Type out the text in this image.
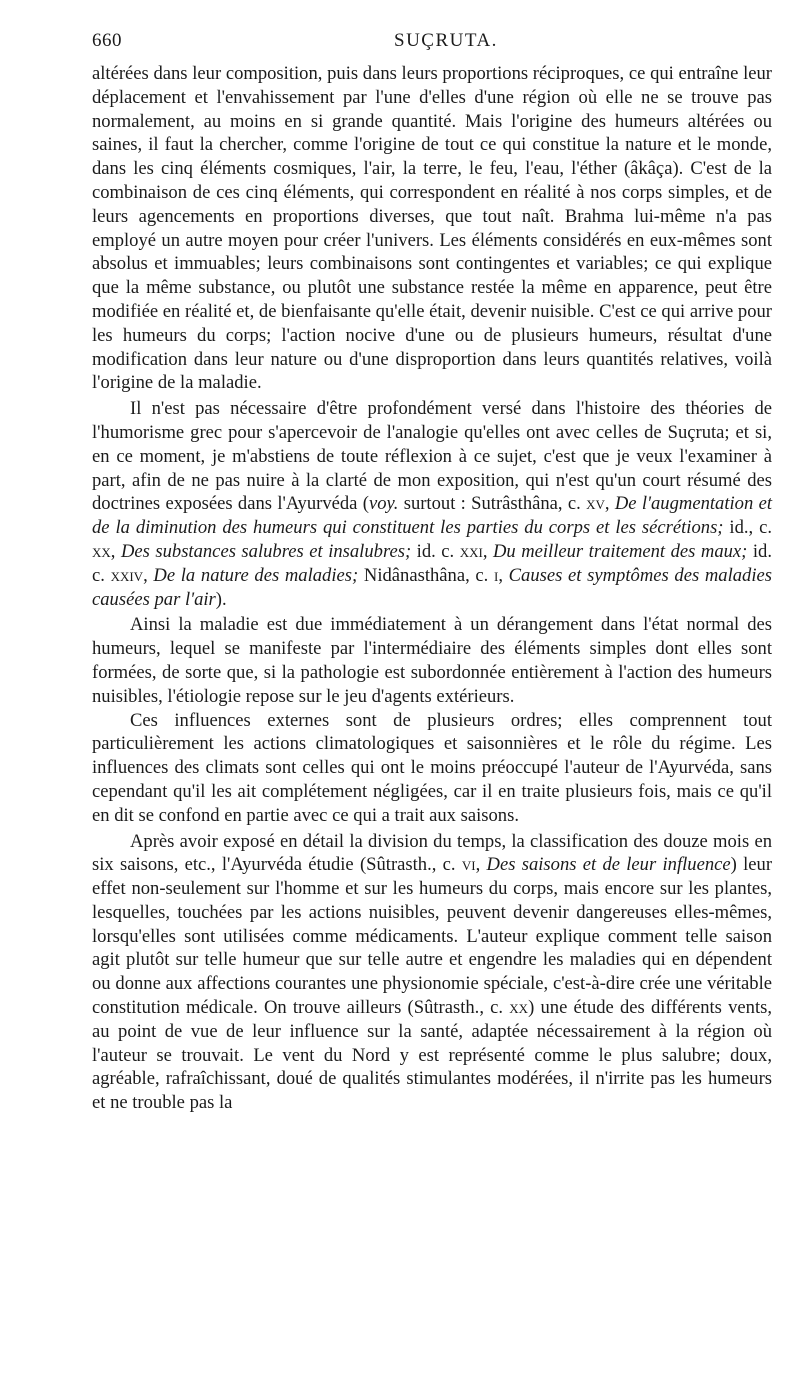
660	SUÇRUTA.

altérées dans leur composition, puis dans leurs proportions réciproques, ce qui entraîne leur déplacement et l'envahissement par l'une d'elles d'une région où elle ne se trouve pas normalement, au moins en si grande quantité. Mais l'origine des humeurs altérées ou saines, il faut la chercher, comme l'origine de tout ce qui constitue la nature et le monde, dans les cinq éléments cosmiques, l'air, la terre, le feu, l'eau, l'éther (âkâça). C'est de la combinaison de ces cinq éléments, qui correspondent en réalité à nos corps simples, et de leurs agencements en proportions diverses, que tout naît. Brahma lui-même n'a pas employé un autre moyen pour créer l'univers. Les éléments considérés en eux-mêmes sont absolus et immuables; leurs combinaisons sont contingentes et variables; ce qui explique que la même substance, ou plutôt une substance restée la même en apparence, peut être modifiée en réalité et, de bienfaisante qu'elle était, devenir nuisible. C'est ce qui arrive pour les humeurs du corps; l'action nocive d'une ou de plusieurs humeurs, résultat d'une modification dans leur nature ou d'une disproportion dans leurs quantités relatives, voilà l'origine de la maladie.

Il n'est pas nécessaire d'être profondément versé dans l'histoire des théories de l'humorisme grec pour s'apercevoir de l'analogie qu'elles ont avec celles de Suçruta; et si, en ce moment, je m'abstiens de toute réflexion à ce sujet, c'est que je veux l'examiner à part, afin de ne pas nuire à la clarté de mon exposition, qui n'est qu'un court résumé des doctrines exposées dans l'Ayurvéda (voy. surtout : Sutrâsthâna, c. xv, De l'augmentation et de la diminution des humeurs qui constituent les parties du corps et les sécrétions; id., c. xx, Des substances salubres et insalubres; id. c. xxi, Du meilleur traitement des maux; id. c. xxiv, De la nature des maladies; Nidânasthâna, c. i, Causes et symptômes des maladies causées par l'air).

Ainsi la maladie est due immédiatement à un dérangement dans l'état normal des humeurs, lequel se manifeste par l'intermédiaire des éléments simples dont elles sont formées, de sorte que, si la pathologie est subordonnée entièrement à l'action des humeurs nuisibles, l'étiologie repose sur le jeu d'agents extérieurs.

Ces influences externes sont de plusieurs ordres; elles comprennent tout particulièrement les actions climatologiques et saisonnières et le rôle du régime. Les influences des climats sont celles qui ont le moins préoccupé l'auteur de l'Ayurvéda, sans cependant qu'il les ait complétement négligées, car il en traite plusieurs fois, mais ce qu'il en dit se confond en partie avec ce qui a trait aux saisons.

Après avoir exposé en détail la division du temps, la classification des douze mois en six saisons, etc., l'Ayurvéda étudie (Sûtrasth., c. vi, Des saisons et de leur influence) leur effet non-seulement sur l'homme et sur les humeurs du corps, mais encore sur les plantes, lesquelles, touchées par les actions nuisibles, peuvent devenir dangereuses elles-mêmes, lorsqu'elles sont utilisées comme médicaments. L'auteur explique comment telle saison agit plutôt sur telle humeur que sur telle autre et engendre les maladies qui en dépendent ou donne aux affections courantes une physionomie spéciale, c'est-à-dire crée une véritable constitution médicale. On trouve ailleurs (Sûtrasth., c. xx) une étude des différents vents, au point de vue de leur influence sur la santé, adaptée nécessairement à la région où l'auteur se trouvait. Le vent du Nord y est représenté comme le plus salubre; doux, agréable, rafraîchissant, doué de qualités stimulantes modérées, il n'irrite pas les humeurs et ne trouble pas la
